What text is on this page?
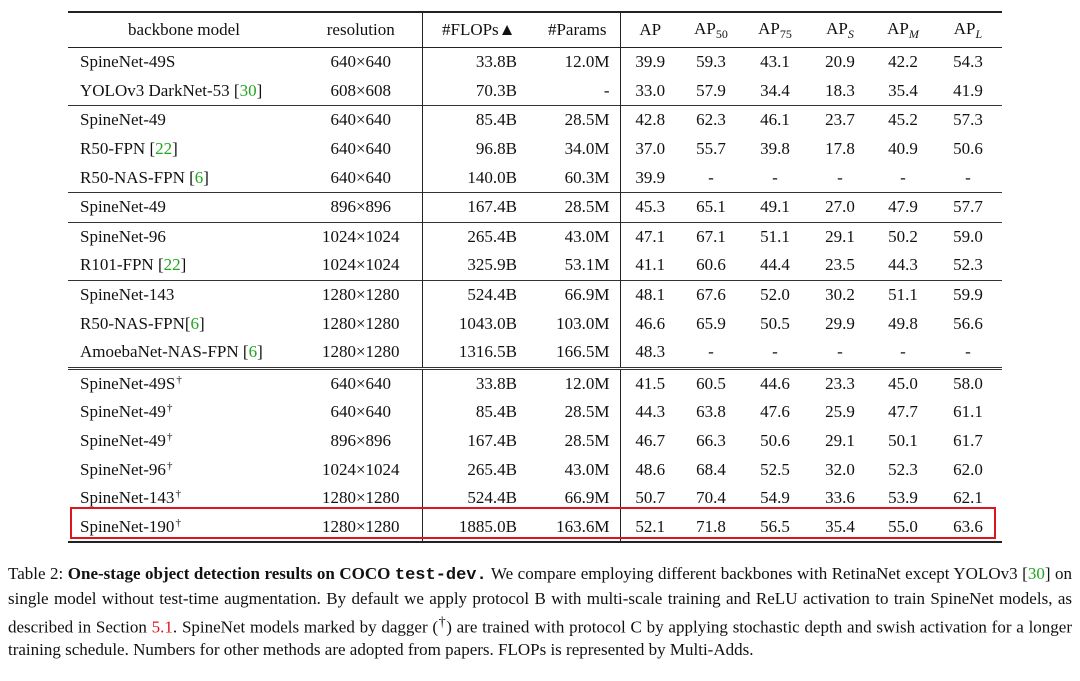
backbone model	resolution	#FLOPs▲	#Params	AP	$AP_{50}$	$AP_{75}$	$AP_S$	$AP_M$	$AP_L$
SpineNet-49S	640×640	33.8B	12.0M	39.9	59.3	43.1	20.9	42.2	54.3
YOLOv3 DarkNet-53 [30]	608×608	70.3B	-	33.0	57.9	34.4	18.3	35.4	41.9
SpineNet-49	640×640	85.4B	28.5M	42.8	62.3	46.1	23.7	45.2	57.3
R50-FPN [22]	640×640	96.8B	34.0M	37.0	55.7	39.8	17.8	40.9	50.6
R50-NAS-FPN [6]	640×640	140.0B	60.3M	39.9	-	-	-	-	-
SpineNet-49	896×896	167.4B	28.5M	45.3	65.1	49.1	27.0	47.9	57.7
SpineNet-96	1024×1024	265.4B	43.0M	47.1	67.1	51.1	29.1	50.2	59.0
R101-FPN [22]	1024×1024	325.9B	53.1M	41.1	60.6	44.4	23.5	44.3	52.3
SpineNet-143	1280×1280	524.4B	66.9M	48.1	67.6	52.0	30.2	51.1	59.9
R50-NAS-FPN[6]	1280×1280	1043.0B	103.0M	46.6	65.9	50.5	29.9	49.8	56.6
AmoebaNet-NAS-FPN [6]	1280×1280	1316.5B	166.5M	48.3	-	-	-	-	-
SpineNet-49S†	640×640	33.8B	12.0M	41.5	60.5	44.6	23.3	45.0	58.0
SpineNet-49†	640×640	85.4B	28.5M	44.3	63.8	47.6	25.9	47.7	61.1
SpineNet-49†	896×896	167.4B	28.5M	46.7	66.3	50.6	29.1	50.1	61.7
SpineNet-96†	1024×1024	265.4B	43.0M	48.6	68.4	52.5	32.0	52.3	62.0
SpineNet-143†	1280×1280	524.4B	66.9M	50.7	70.4	54.9	33.6	53.9	62.1
SpineNet-190†	1280×1280	1885.0B	163.6M	52.1	71.8	56.5	35.4	55.0	63.6
Table 2: One-stage object detection results on COCO test-dev. We compare employing different backbones with RetinaNet except YOLOv3 [30] on single model without test-time augmentation. By default we apply protocol B with multi-scale training and ReLU activation to train SpineNet models, as described in Section 5.1. SpineNet models marked by dagger (†) are trained with protocol C by applying stochastic depth and swish activation for a longer training schedule. Numbers for other methods are adopted from papers. FLOPs is represented by Multi-Adds.
